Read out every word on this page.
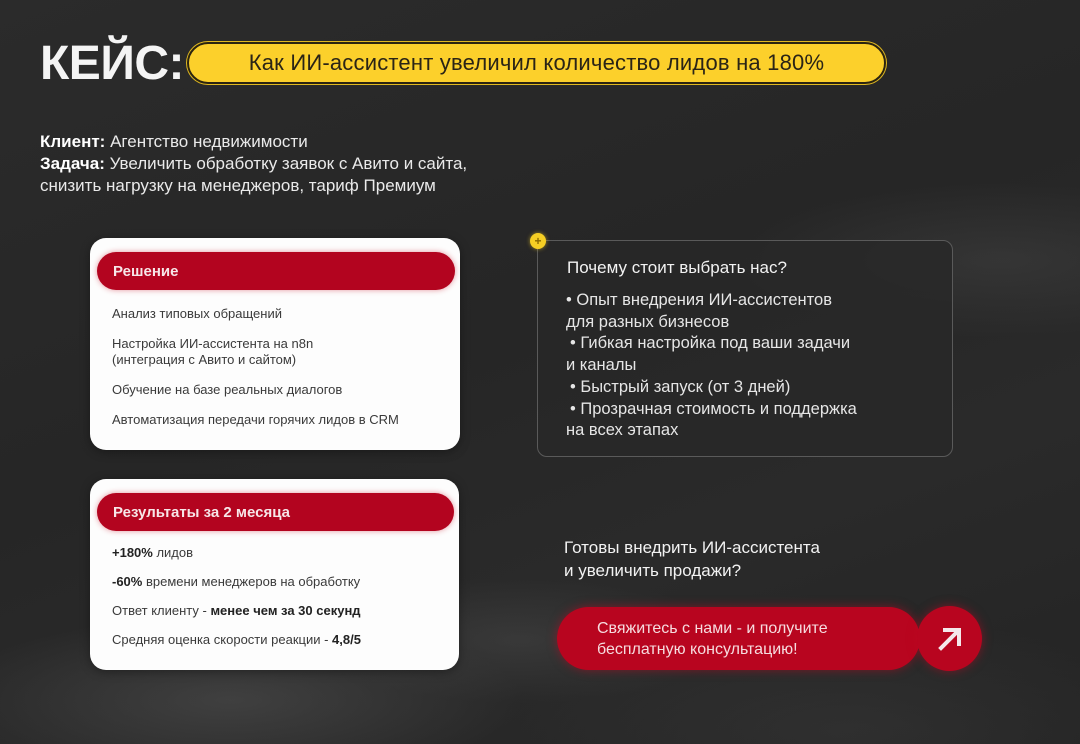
КЕЙС:	Как ИИ-ассистент увеличил количество лидов на 180%
Клиент: Агентство недвижимости
Задача: Увеличить обработку заявок с Авито и сайта,
снизить нагрузку на менеджеров, тариф Премиум
Решение
Анализ типовых обращений
Настройка ИИ-ассистента на n8n
(интеграция с Авито и сайтом)
Обучение на базе реальных диалогов
Автоматизация передачи горячих лидов в CRM
Результаты за 2 месяца
+180% лидов
-60% времени менеджеров на обработку
Ответ клиенту - менее чем за 30 секунд
Средняя оценка скорости реакции - 4,8/5
Почему стоит выбрать нас?
• Опыт внедрения ИИ-ассистентов
для разных бизнесов
• Гибкая настройка под ваши задачи
и каналы
• Быстрый запуск (от 3 дней)
• Прозрачная стоимость и поддержка
на всех этапах
+
Готовы внедрить ИИ-ассистента
и увеличить продажи?
Свяжитесь с нами - и получите
бесплатную консультацию!
